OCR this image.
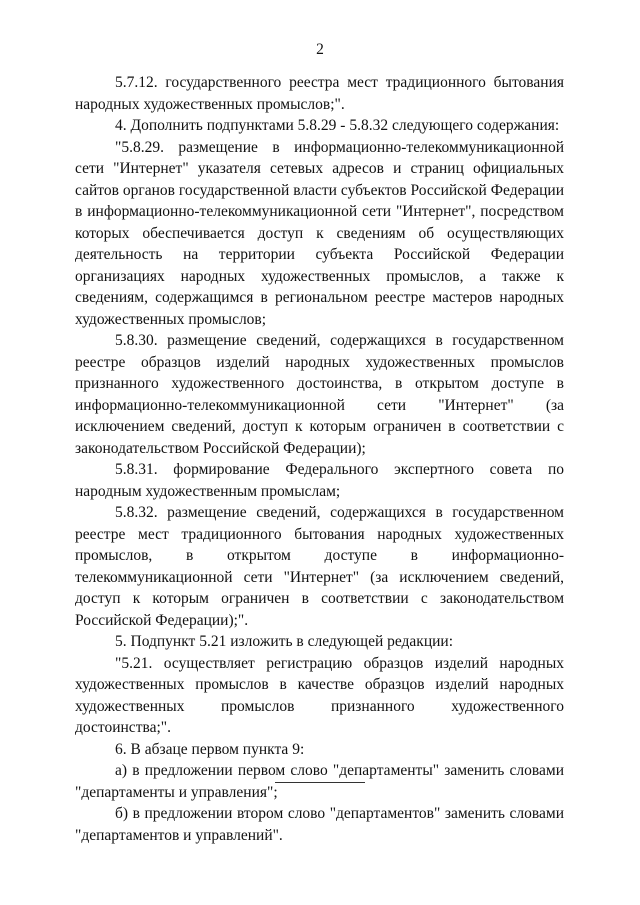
2

5.7.12. государственного реестра мест традиционного бытования народных художественных промыслов;".

4. Дополнить подпунктами 5.8.29 - 5.8.32 следующего содержания:

"5.8.29. размещение в информационно-телекоммуникационной сети "Интернет" указателя сетевых адресов и страниц официальных сайтов органов государственной власти субъектов Российской Федерации в информационно-телекоммуникационной сети "Интернет", посредством которых обеспечивается доступ к сведениям об осуществляющих деятельность на территории субъекта Российской Федерации организациях народных художественных промыслов, а также к сведениям, содержащимся в региональном реестре мастеров народных художественных промыслов;

5.8.30. размещение сведений, содержащихся в государственном реестре образцов изделий народных художественных промыслов признанного художественного достоинства, в открытом доступе в информационно-телекоммуникационной сети "Интернет" (за исключением сведений, доступ к которым ограничен в соответствии с законодательством Российской Федерации);

5.8.31. формирование Федерального экспертного совета по народным художественным промыслам;

5.8.32. размещение сведений, содержащихся в государственном реестре мест традиционного бытования народных художественных промыслов, в открытом доступе в информационно-телекоммуникационной сети "Интернет" (за исключением сведений, доступ к которым ограничен в соответствии с законодательством Российской Федерации);".

5. Подпункт 5.21 изложить в следующей редакции:

"5.21. осуществляет регистрацию образцов изделий народных художественных промыслов в качестве образцов изделий народных художественных промыслов признанного художественного достоинства;".

6. В абзаце первом пункта 9:

а) в предложении первом слово "департаменты" заменить словами "департаменты и управления";

б) в предложении втором слово "департаментов" заменить словами "департаментов и управлений".
